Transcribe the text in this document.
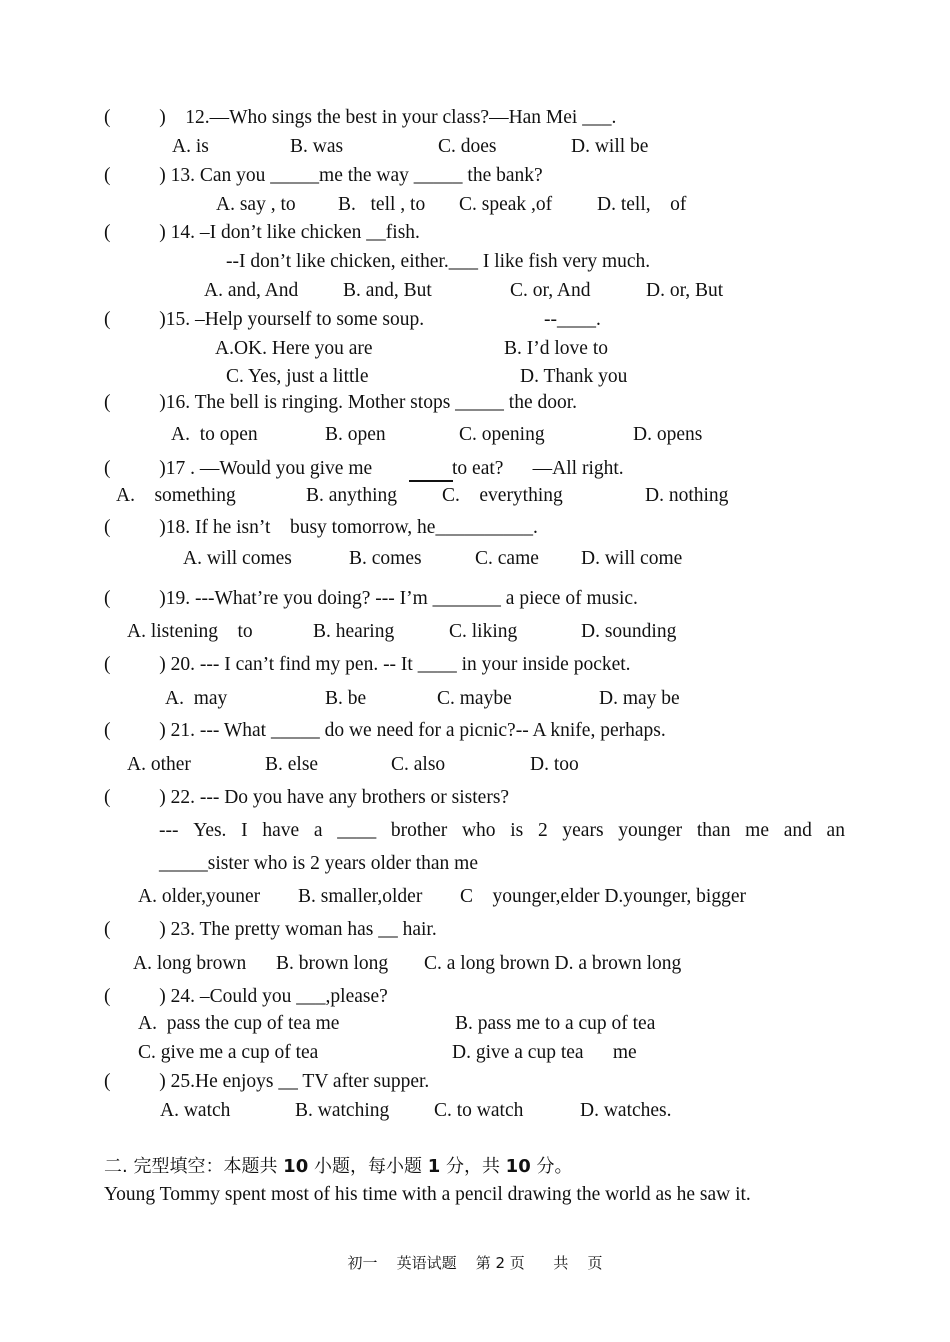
(          )    12.—Who sings the best in your class?—Han Mei ___.
A. is	B. was	C. does	D. will be
(          ) 13. Can you _____me the way _____ the bank?
A. say , to B.   tell , to C. speak ,of D. tell,    of
(          ) 14. –I don’t like chicken __fish.
--I don’t like chicken, either.___ I like fish very much.
A. and, And B. and, But	C. or, And	D. or, But
(          )15. –Help yourself to some soup.	--____.
A.OK. Here you are	B. I’d love to
C. Yes, just a little	D. Thank you
(          )16. The bell is ringing. Mother stops _____ the door.
A.  to open	B. open	C. opening	D. opens
(          )17 . —Would you give me	to eat?      —All right.
A.    something	B. anything C.    everything	D. nothing
(          )18. If he isn’t    busy tomorrow, he__________.
A. will comes	B. comes	C. came D. will come
(          )19. ---What’re you doing? --- I’m _______ a piece of music.
A. listening    to	B. hearing	C. liking	D. sounding
(          ) 20. --- I can’t find my pen. -- It ____ in your inside pocket.
A.  may	B. be	C. maybe	D. may be
(          ) 21. --- What _____ do we need for a picnic?-- A knife, perhaps.
A. other	B. else	C. also	D. too
(          ) 22. --- Do you have any brothers or sisters?
--- Yes. I have a ____ brother who is 2 years younger than me and an
_____sister who is 2 years older than me
A. older,youner B. smaller,older C    younger,elder D.younger, bigger
(          ) 23. The pretty woman has __ hair.
A. long brown B. brown long C. a long brown D. a brown long
(          ) 24. –Could you ___,please?
A.  pass the cup of tea me	B. pass me to a cup of tea
C. give me a cup of tea	D. give a cup tea      me
(          ) 25.He enjoys __ TV after supper.
A. watch	B. watching C. to watch	D. watches.
二. 完型填空：本题共 10 小题，每小题 1 分，共 10 分。
Young Tommy spent most of his time with a pencil drawing the world as he saw it.
初一    英语试题    第 2 页      共    页
